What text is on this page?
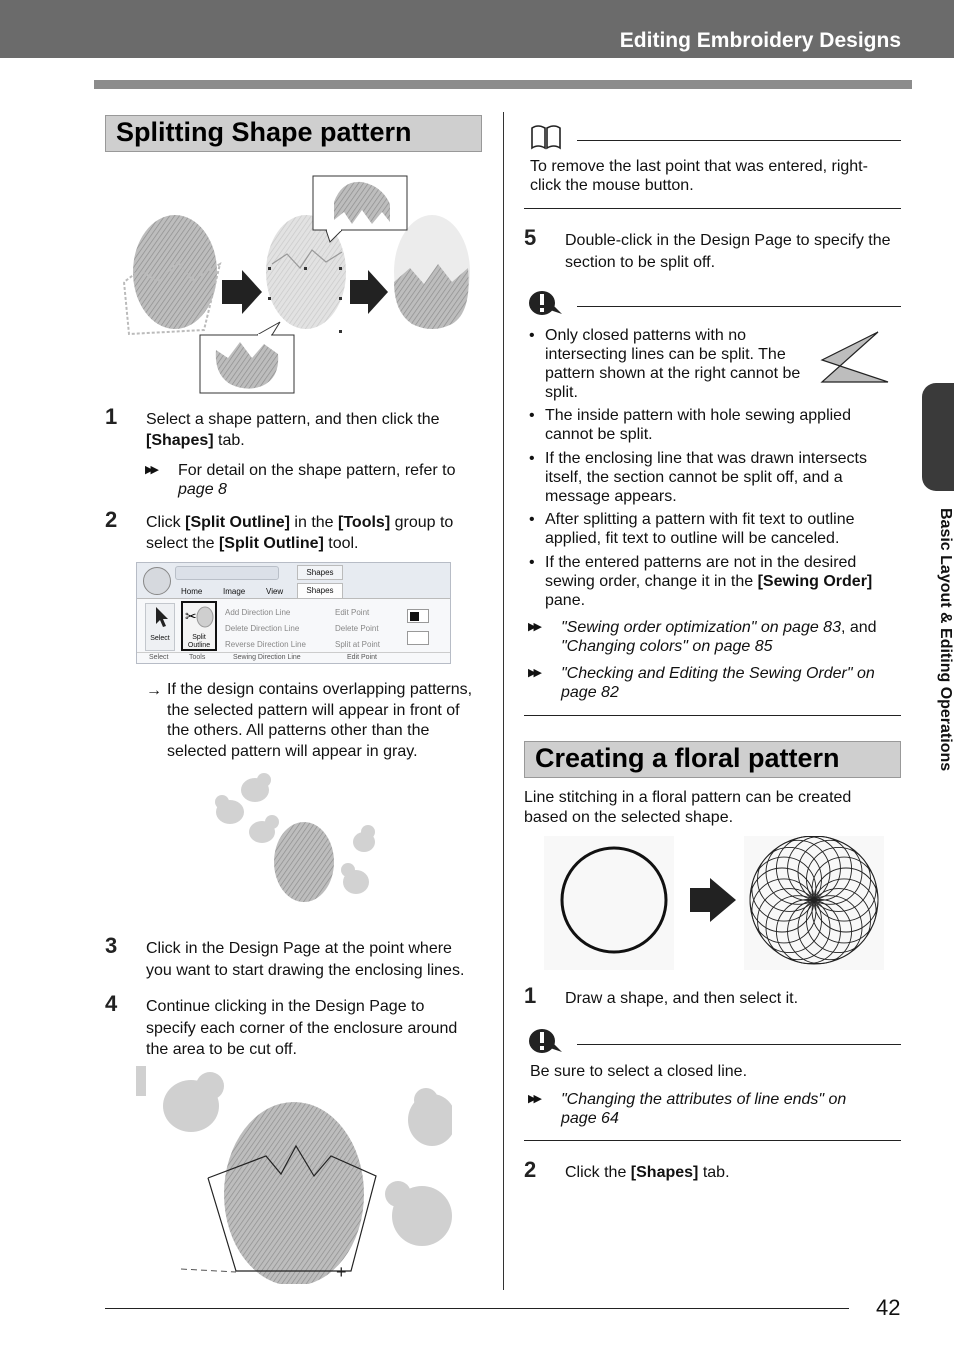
Editing Embroidery Designs
Splitting Shape pattern
1 Select a shape pattern, and then click the
[Shapes] tab.
▶▶ For detail on the shape pattern, refer to
page 8
2 Click [Split Outline] in the [Tools] group to
select the [Split Outline] tool.
Shapes
Home	Image	View	Shapes
Select
✂
Split
Outline
Add Direction Line
Delete Direction Line
Reverse Direction Line
Edit Point
Delete Point
Split at Point
Select	Tools	Sewing Direction Line	Edit Point
→ If the design contains overlapping patterns,
the selected pattern will appear in front of
the others. All patterns other than the
selected pattern will appear in gray.
3 Click in the Design Page at the point where
you want to start drawing the enclosing lines.
4 Continue clicking in the Design Page to
specify each corner of the enclosure around
the area to be cut off.
+
To remove the last point that was entered, right-
click the mouse button.
5 Double-click in the Design Page to specify the
section to be split off.
• Only closed patterns with no
intersecting lines can be split. The
pattern shown at the right cannot be
split.
• The inside pattern with hole sewing applied
cannot be split.
• If the enclosing line that was drawn intersects
itself, the section cannot be split off, and a
message appears.
• After splitting a pattern with fit text to outline
applied, fit text to outline will be canceled.
• If the entered patterns are not in the desired
sewing order, change it in the [Sewing Order]
pane.
▶▶ "Sewing order optimization" on page 83, and
"Changing colors" on page 85
▶▶ "Checking and Editing the Sewing Order" on
page 82
Creating a floral pattern
Line stitching in a floral pattern can be created
based on the selected shape.
1 Draw a shape, and then select it.
Be sure to select a closed line.
▶▶ "Changing the attributes of line ends" on
page 64
2 Click the [Shapes] tab.
Basic Layout & Editing Operations
42
